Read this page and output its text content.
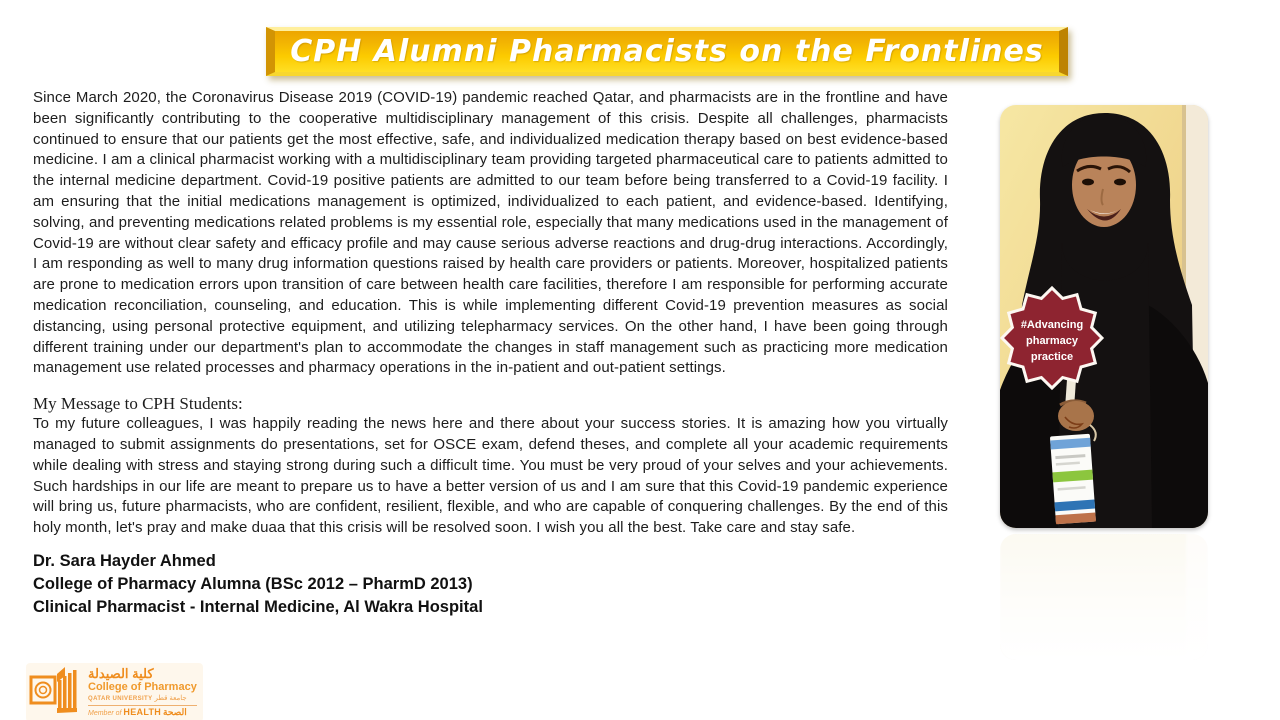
CPH Alumni Pharmacists on the Frontlines

Since March 2020, the Coronavirus Disease 2019 (COVID-19) pandemic reached Qatar, and pharmacists are in the frontline and have been significantly contributing to the cooperative multidisciplinary management of this crisis. Despite all challenges, pharmacists continued to ensure that our patients get the most effective, safe, and individualized medication therapy based on best evidence-based medicine. I am a clinical pharmacist working with a multidisciplinary team providing targeted pharmaceutical care to patients admitted to the internal medicine department. Covid-19 positive patients are admitted to our team before being transferred to a Covid-19 facility. I am ensuring that the initial medications management is optimized, individualized to each patient, and evidence-based. Identifying, solving, and preventing medications related problems is my essential role, especially that many medications used in the management of Covid-19 are without clear safety and efficacy profile and may cause serious adverse reactions and drug-drug interactions. Accordingly, I am responding as well to many drug information questions raised by health care providers or patients. Moreover, hospitalized patients are prone to medication errors upon transition of care between health care facilities, therefore I am responsible for performing accurate medication reconciliation, counseling, and education. This is while implementing different Covid-19 prevention measures as social distancing, using personal protective equipment, and utilizing telepharmacy services. On the other hand, I have been going through different training under our department's plan to accommodate the changes in staff management such as practicing more medication management use related processes and pharmacy operations in the in-patient and out-patient settings.

My Message to CPH Students:

To my future colleagues, I was happily reading the news here and there about your success stories. It is amazing how you virtually managed to submit assignments do presentations, set for OSCE exam, defend theses, and complete all your academic requirements while dealing with stress and staying strong during such a difficult time. You must be very proud of your selves and your achievements. Such hardships in our life are meant to prepare us to have a better version of us and I am sure that this Covid-19 pandemic experience will bring us, future pharmacists, who are confident, resilient, flexible, and who are capable of conquering challenges. By the end of this holy month, let's pray and make duaa that this crisis will be resolved soon. I wish you all the best. Take care and stay safe.

Dr. Sara Hayder Ahmed
College of Pharmacy Alumna (BSc 2012 – PharmD 2013)
Clinical Pharmacist - Internal Medicine, Al Wakra Hospital
#Advancing
pharmacy
practice
كلية الصيدلة
College of Pharmacy
QATAR UNIVERSITY جامعة قطر
Member of HEALTH الصحة
